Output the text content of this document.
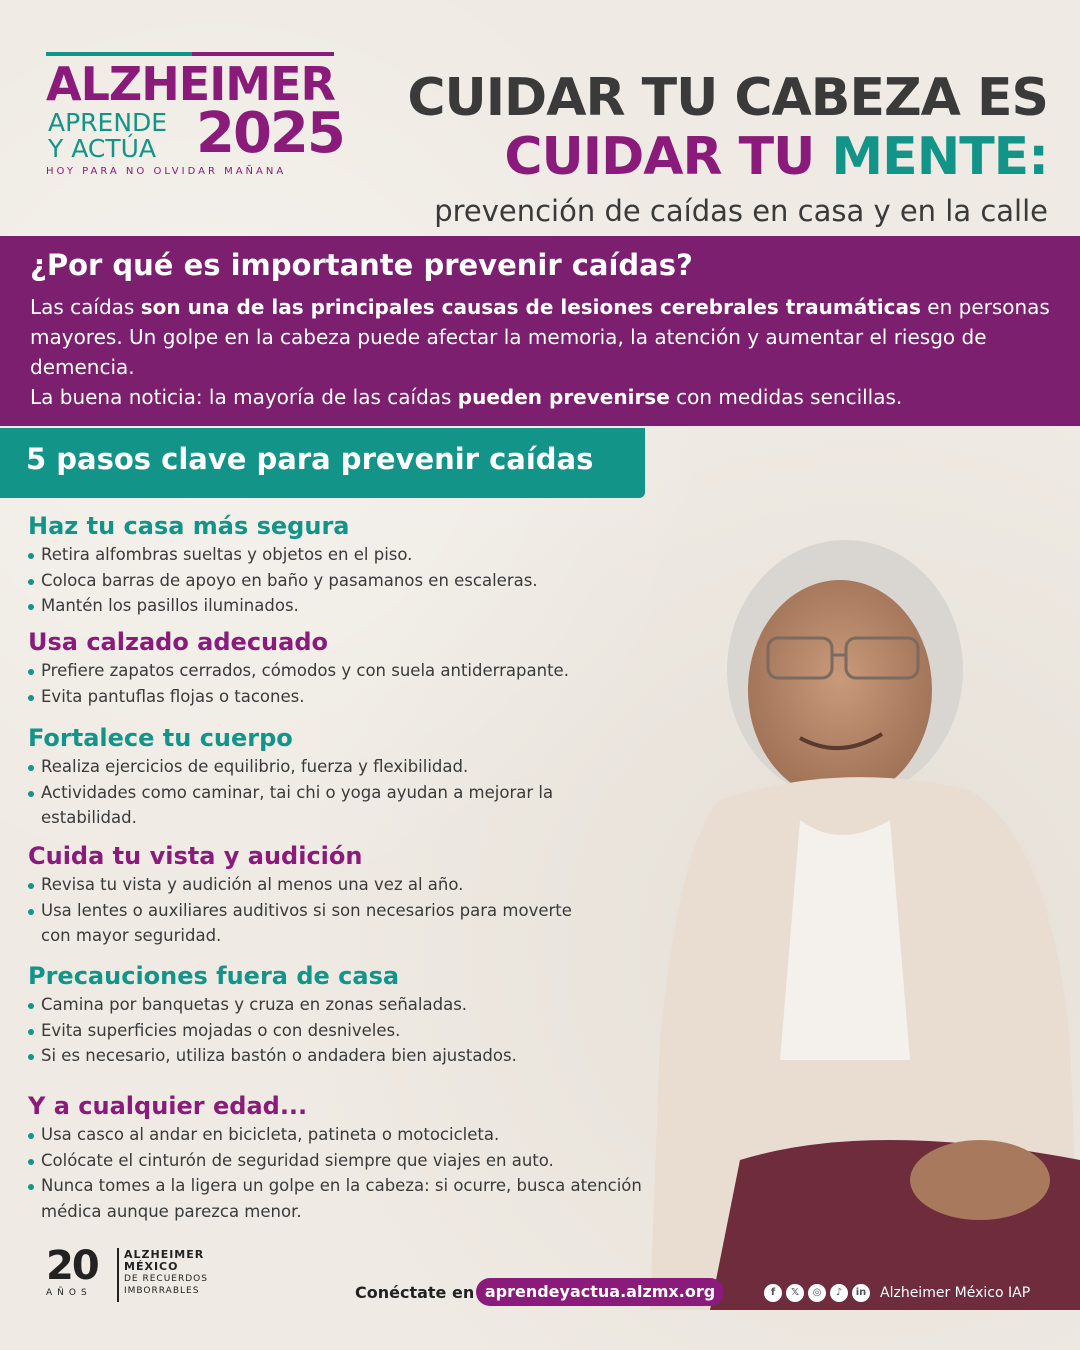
ALZHEIMER
APRENDE
Y ACTÚA 2025
HOY PARA NO OLVIDAR MAÑANA
CUIDAR TU CABEZA ES
CUIDAR TU MENTE:
prevención de caídas en casa y en la calle
¿Por qué es importante prevenir caídas?
Las caídas son una de las principales causas de lesiones cerebrales traumáticas en personas mayores. Un golpe en la cabeza puede afectar la memoria, la atención y aumentar el riesgo de demencia.
La buena noticia: la mayoría de las caídas pueden prevenirse con medidas sencillas.
5 pasos clave para prevenir caídas
Haz tu casa más segura
Retira alfombras sueltas y objetos en el piso.
Coloca barras de apoyo en baño y pasamanos en escaleras.
Mantén los pasillos iluminados.
Usa calzado adecuado
Prefiere zapatos cerrados, cómodos y con suela antiderrapante.
Evita pantuflas flojas o tacones.
Fortalece tu cuerpo
Realiza ejercicios de equilibrio, fuerza y flexibilidad.
Actividades como caminar, tai chi o yoga ayudan a mejorar la estabilidad.
Cuida tu vista y audición
Revisa tu vista y audición al menos una vez al año.
Usa lentes o auxiliares auditivos si son necesarios para moverte con mayor seguridad.
Precauciones fuera de casa
Camina por banquetas y cruza en zonas señaladas.
Evita superficies mojadas o con desniveles.
Si es necesario, utiliza bastón o andadera bien ajustados.
Y a cualquier edad...
Usa casco al andar en bicicleta, patineta o motocicleta.
Colócate el cinturón de seguridad siempre que viajes en auto.
Nunca tomes a la ligera un golpe en la cabeza: si ocurre, busca atención médica aunque parezca menor.
20
AÑOS
ALZHEIMER
MÉXICO
DE RECUERDOS
IMBORRABLES	Conéctate en aprendeyactua.alzmx.org	f	𝕏	◎	♪	in Alzheimer México IAP
